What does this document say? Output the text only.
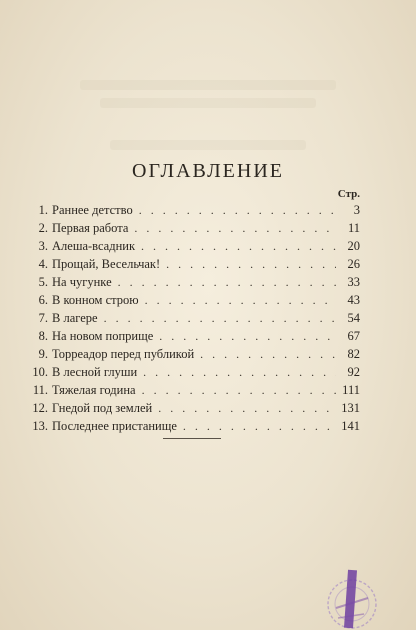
ОГЛАВЛЕНИЕ
Стр.
1. Раннее детство . . .	3
2. Первая работа . . .	11
3. Алеша-всадник . . .	20
4. Прощай, Весельчак! . . .	26
5. На чугунке . . .	33
6. В конном строю . . .	43
7. В лагере . . .	54
8. На новом поприще . . .	67
9. Торреадор перед публикой . . .	82
10. В лесной глуши . . .	92
11. Тяжелая година . . .	111
12. Гнедой под землей . . .	131
13. Последнее пристанище . . .	141
